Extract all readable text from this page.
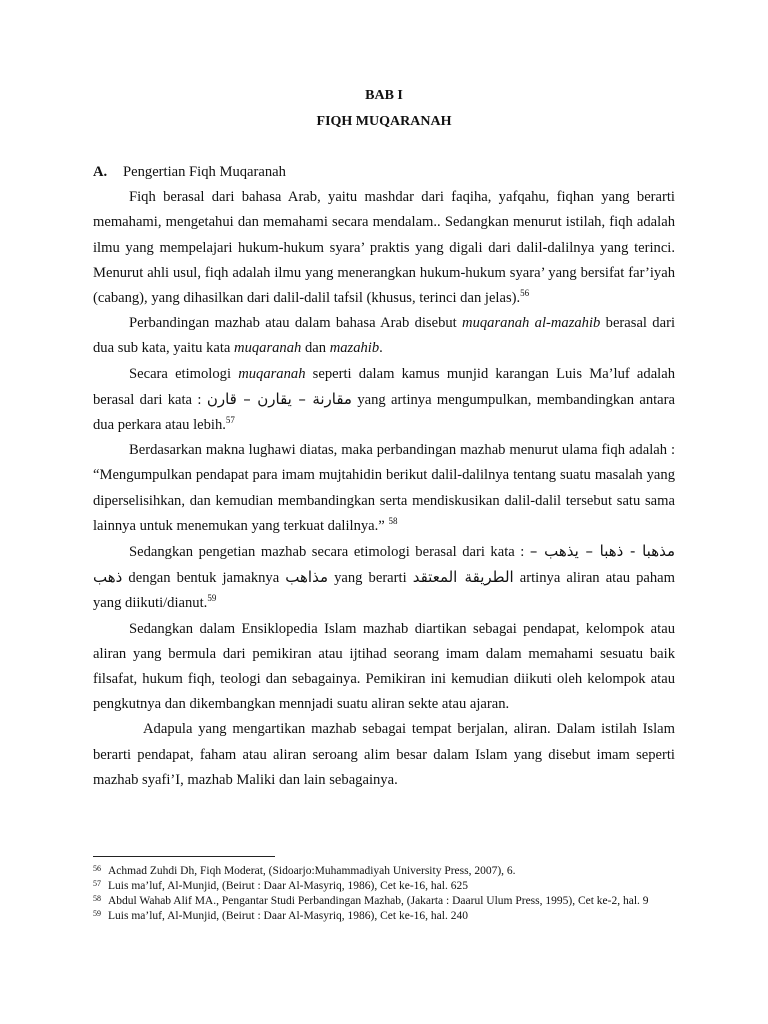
BAB I

FIQH MUQARANAH

A.	Pengertian Fiqh Muqaranah

Fiqh berasal dari bahasa Arab, yaitu mashdar dari faqiha, yafqahu, fiqhan yang berarti memahami, mengetahui dan memahami secara mendalam.. Sedangkan menurut istilah, fiqh adalah ilmu yang mempelajari hukum-hukum syara’ praktis yang digali dari dalil-dalilnya yang terinci. Menurut ahli usul, fiqh adalah ilmu yang menerangkan hukum-hukum syara’ yang bersifat far’iyah (cabang), yang dihasilkan dari dalil-dalil tafsil (khusus, terinci dan jelas).$^{56}$

Perbandingan mazhab atau dalam bahasa Arab disebut muqaranah al-mazahib berasal dari dua sub kata, yaitu kata muqaranah dan mazahib.

Secara etimologi muqaranah seperti dalam kamus munjid karangan Luis Ma’luf adalah berasal dari kata : مقارنة – يقارن – قارن yang artinya mengumpulkan, membandingkan antara dua perkara atau lebih.$^{57}$

Berdasarkan makna lughawi diatas, maka perbandingan mazhab menurut ulama fiqh adalah : “Mengumpulkan pendapat para imam mujtahidin berikut dalil-dalilnya tentang suatu masalah yang diperselisihkan, dan kemudian membandingkan serta mendiskusikan dalil-dalil tersebut satu sama lainnya untuk menemukan yang terkuat dalilnya.” $^{58}$

Sedangkan pengetian mazhab secara etimologi berasal dari kata : مذهبا - ذهبا – يذهب – ذهب dengan bentuk jamaknya مذاهب yang berarti الطريقة المعتقد artinya aliran atau paham yang diikuti/dianut.$^{59}$

Sedangkan dalam Ensiklopedia Islam mazhab diartikan sebagai pendapat, kelompok atau aliran yang bermula dari pemikiran atau ijtihad seorang imam dalam memahami sesuatu baik filsafat, hukum fiqh, teologi dan sebagainya. Pemikiran ini kemudian diikuti oleh kelompok atau pengkutnya dan dikembangkan mennjadi suatu aliran sekte atau ajaran.

Adapula yang mengartikan mazhab sebagai tempat berjalan, aliran. Dalam istilah Islam berarti pendapat, faham atau aliran seroang alim besar dalam Islam yang disebut imam seperti mazhab syafi’I, mazhab Maliki dan lain sebagainya.

56 Achmad Zuhdi Dh, Fiqh Moderat, (Sidoarjo:Muhammadiyah University Press, 2007), 6.
57 Luis ma’luf, Al-Munjid, (Beirut : Daar Al-Masyriq, 1986), Cet ke-16, hal. 625
58 Abdul Wahab Alif MA., Pengantar Studi Perbandingan Mazhab, (Jakarta : Daarul Ulum Press, 1995), Cet ke-2, hal. 9
59 Luis ma’luf, Al-Munjid, (Beirut : Daar Al-Masyriq, 1986), Cet ke-16, hal. 240
